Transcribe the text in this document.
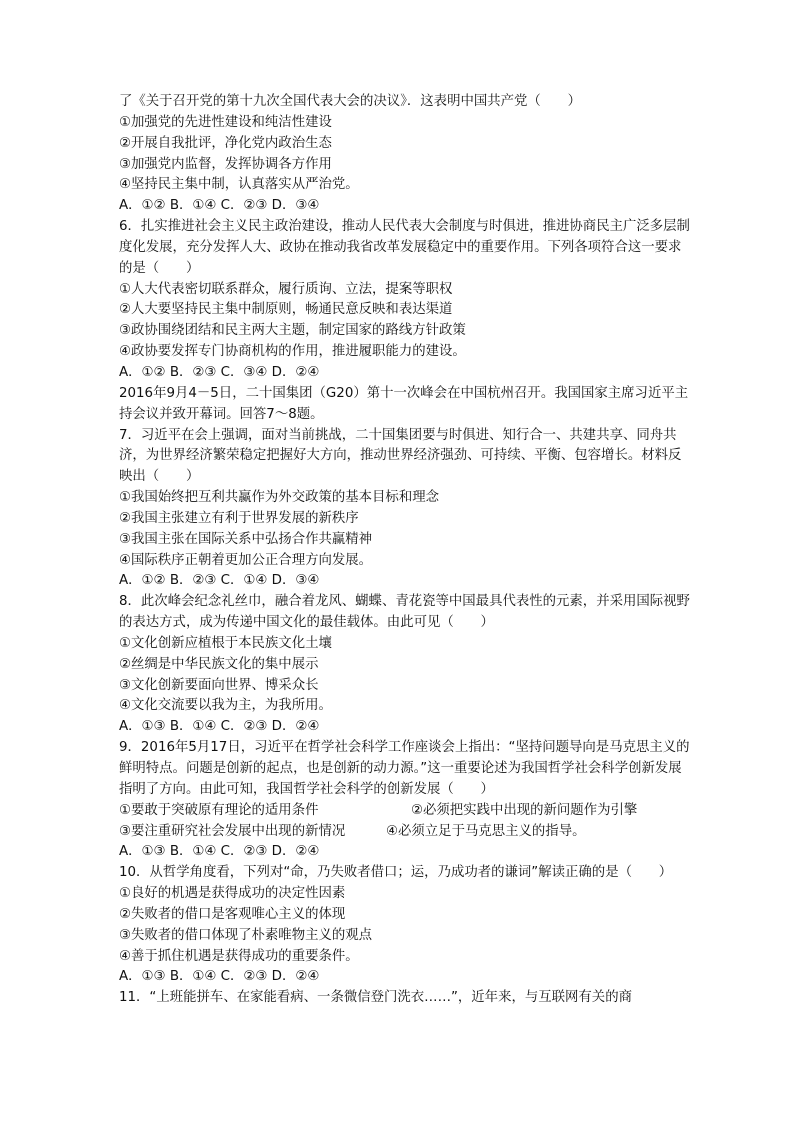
了《关于召开党的第十九次全国代表大会的决议》．这表明中国共产党（　　）
①加强党的先进性建设和纯洁性建设
②开展自我批评，净化党内政治生态
③加强党内监督，发挥协调各方作用
④坚持民主集中制，认真落实从严治党。
A．①② B．①④ C．②③ D．③④
6．扎实推进社会主义民主政治建设，推动人民代表大会制度与时俱进，推进协商民主广泛多层制度化发展，充分发挥人大、政协在推动我省改革发展稳定中的重要作用。下列各项符合这一要求的是（　　）
①人大代表密切联系群众，履行质询、立法，提案等职权
②人大要坚持民主集中制原则，畅通民意反映和表达渠道
③政协围绕团结和民主两大主题，制定国家的路线方针政策
④政协要发挥专门协商机构的作用，推进履职能力的建设。
A．①② B．②③ C．③④ D．②④
2016年9月4－5日，二十国集团（G20）第十一次峰会在中国杭州召开。我国国家主席习近平主持会议并致开幕词。回答7～8题。
7．习近平在会上强调，面对当前挑战，二十国集团要与时俱进、知行合一、共建共享、同舟共济，为世界经济繁荣稳定把握好大方向，推动世界经济强劲、可持续、平衡、包容增长。材料反映出（　　）
①我国始终把互利共赢作为外交政策的基本目标和理念
②我国主张建立有利于世界发展的新秩序
③我国主张在国际关系中弘扬合作共赢精神
④国际秩序正朝着更加公正合理方向发展。
A．①② B．②③ C．①④ D．③④
8．此次峰会纪念礼丝巾，融合着龙风、蝴蝶、青花瓷等中国最具代表性的元素，并采用国际视野的表达方式，成为传递中国文化的最佳载体。由此可见（　　）
①文化创新应植根于本民族文化土壤
②丝绸是中华民族文化的集中展示
③文化创新要面向世界、博采众长
④文化交流要以我为主，为我所用。
A．①③ B．①④ C．②③ D．②④
9．2016年5月17日，习近平在哲学社会科学工作座谈会上指出：“坚持问题导向是马克思主义的鲜明特点。问题是创新的起点，也是创新的动力源。”这一重要论述为我国哲学社会科学创新发展指明了方向。由此可知，我国哲学社会科学的创新发展（　　）
①要敢于突破原有理论的适用条件	②必须把实践中出现的新问题作为引擎
③要注重研究社会发展中出现的新情况	④必须立足于马克思主义的指导。
A．①③ B．①④ C．②③ D．②④
10．从哲学角度看，下列对“命，乃失败者借口；运，乃成功者的谦词”解读正确的是（　　）
①良好的机遇是获得成功的决定性因素
②失败者的借口是客观唯心主义的体现
③失败者的借口体现了朴素唯物主义的观点
④善于抓住机遇是获得成功的重要条件。
A．①③ B．①④ C．②③ D．②④
11．“上班能拼车、在家能看病、一条微信登门洗衣……”，近年来，与互联网有关的商
